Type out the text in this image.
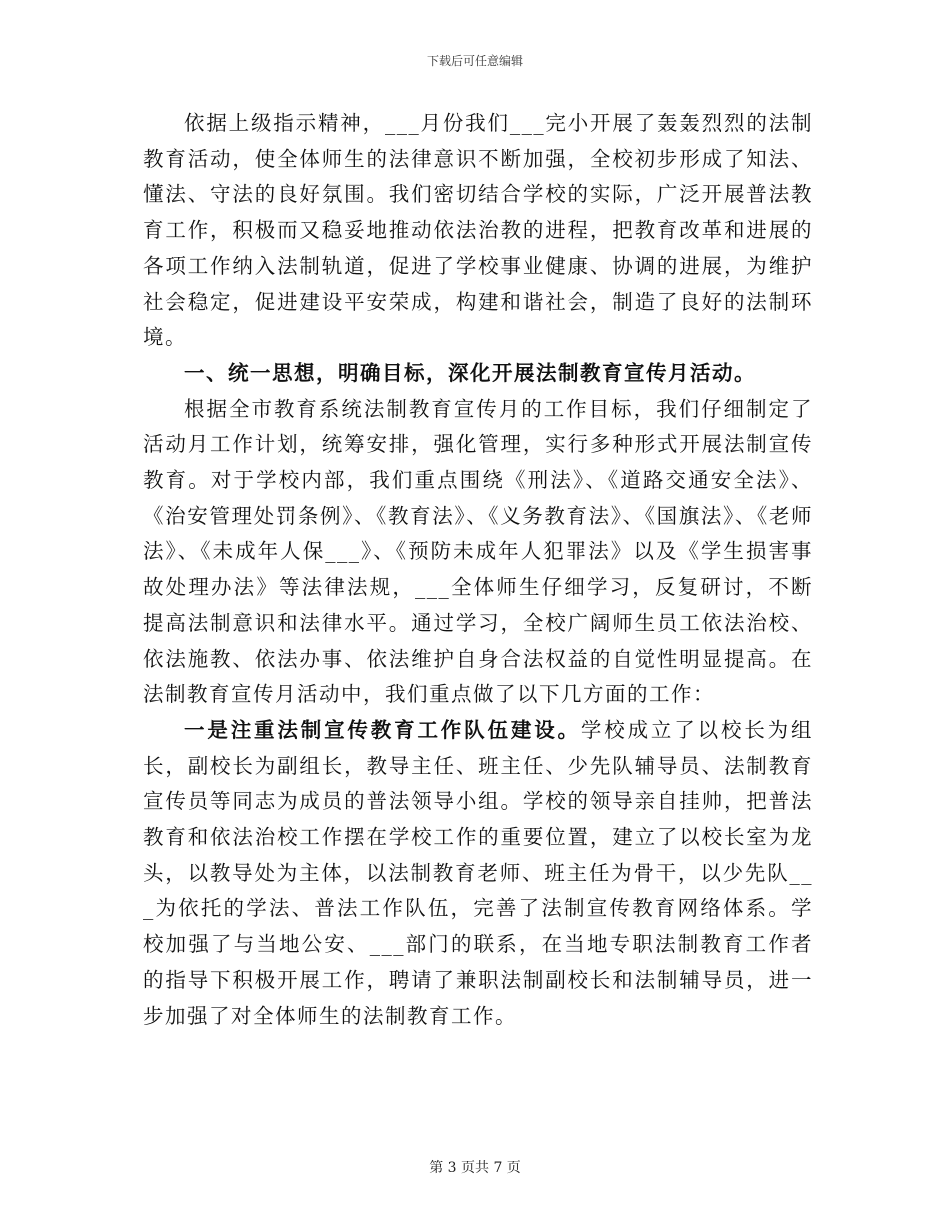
下载后可任意编辑

依据上级指示精神，___月份我们___完小开展了轰轰烈烈的法制教育活动，使全体师生的法律意识不断加强，全校初步形成了知法、懂法、守法的良好氛围。我们密切结合学校的实际，广泛开展普法教育工作，积极而又稳妥地推动依法治教的进程，把教育改革和进展的各项工作纳入法制轨道，促进了学校事业健康、协调的进展，为维护社会稳定，促进建设平安荣成，构建和谐社会，制造了良好的法制环境。

一、统一思想，明确目标，深化开展法制教育宣传月活动。

根据全市教育系统法制教育宣传月的工作目标，我们仔细制定了活动月工作计划，统筹安排，强化管理，实行多种形式开展法制宣传教育。对于学校内部，我们重点围绕《刑法》、《道路交通安全法》、《治安管理处罚条例》、《教育法》、《义务教育法》、《国旗法》、《老师法》、《未成年人保___》、《预防未成年人犯罪法》以及《学生损害事故处理办法》等法律法规，___全体师生仔细学习，反复研讨，不断提高法制意识和法律水平。通过学习，全校广阔师生员工依法治校、依法施教、依法办事、依法维护自身合法权益的自觉性明显提高。在法制教育宣传月活动中，我们重点做了以下几方面的工作：

一是注重法制宣传教育工作队伍建设。学校成立了以校长为组长，副校长为副组长，教导主任、班主任、少先队辅导员、法制教育宣传员等同志为成员的普法领导小组。学校的领导亲自挂帅，把普法教育和依法治校工作摆在学校工作的重要位置，建立了以校长室为龙头，以教导处为主体，以法制教育老师、班主任为骨干，以少先队___为依托的学法、普法工作队伍，完善了法制宣传教育网络体系。学校加强了与当地公安、___部门的联系，在当地专职法制教育工作者的指导下积极开展工作，聘请了兼职法制副校长和法制辅导员，进一步加强了对全体师生的法制教育工作。

第 3 页共 7 页
